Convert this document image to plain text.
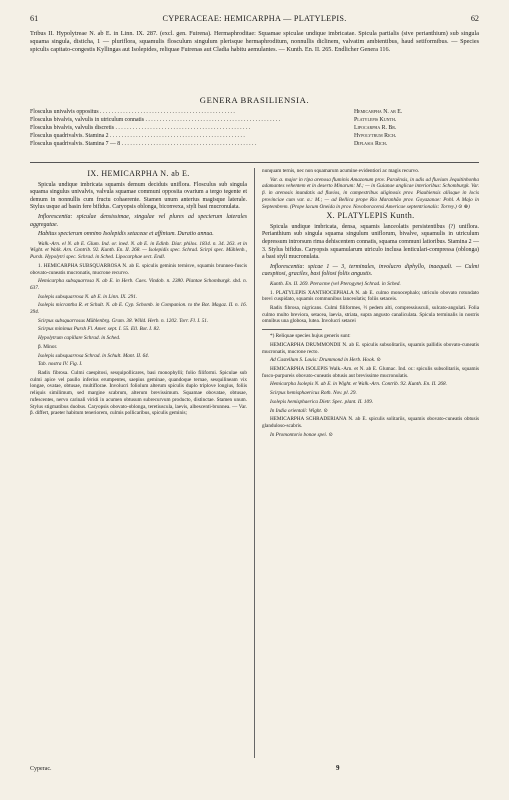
61	CYPERACEAE: HEMICARPHA — PLATYLEPIS.	62
Tribus II. Hypolytreae N. ab E. in Linn. IX. 287. (excl. gen. Fuirena). Hermaphroditae: Squamae spiculae undique imbricatae. Spicula partialis (sive perianthium) sub singula squama singula, disticha, 1 — pluriflora, squamulis flosculum singulum plerisque hermaphroditum, nonnullis diclinem, valvatim ambientibus, haud setiformibus. — Species spiculis capitato-congestis Kyllingas aut Isolepides, reliquae Fuirenas aut Cladia habitu aemulantes. — Kunth. En. II. 265. Endlicher Genera 116.
GENERA BRASILIENSIA.
Flosculus univalvis oppositus . . .	Hemicarpha N. ab E.
Flosculus bivalvis, valvulis in utriculum connatis . . .	Platylepis Kunth.
Flosculus bivalvis, valvulis discretis . . .	Lipocarpha R. Br.
Flosculus quadrivalvis. Stamina 2 . . .	Hypolytrum Rich.
Flosculus quadrivalvis. Stamina 7 — 8 . . .	Diplasia Rich.
IX. HEMICARPHA N. ab E.

Spicula undique imbricata squamis demum deciduis uniflora. Flosculus sub singula squama singulus univalvis, valvula squamae communi opposita ovarium a tergo tegente et demum in nonnullis cum fructu cohaerente. Stamen unum anterius magisque laterale. Stylus usque ad basin fere bifidus. Caryopsis oblonga, biconvexa, styli basi mucronulata.

Inflorescentia: spiculae densissimae, singulae vel plures ad specierum laterales aggregatae.

Habitus specierum omnino Isolepidis setaceae et affinium. Duratio annua.

Walk.-Arn. el N. ab E. Glum. Ind. or. ined. N. ab E. in Edinb. Diar. philos. 1834. n. 34. 263. et in Wight. et Walk. Arn. Contrib. 92. Kunth. En. II. 268. — Isolepidis spec. Schrad. Scirpi spec. Mühlenb., Pursh. Hypolytri spec. Schrad. in Sched. Lipocarphae sect. Endl.

1. HEMICARPHA SUBSQUARROSA N. ab E. spiculis geminis ternisve, squamis brunneo-fuscis obovato-cuneatis mucronatis, mucrone recurvo.

Hemicarpha subsquarrosa N. ab E. in Herb. Caes. Vindob. n. 2380. Plantae Schomburgk. sbd. n. 637.

Isolepis subsquarrosa N. ab E. in Linn. IX. 291.

Isolepis micrantha R. et Schult. N. ab E. Cyp. Schomb. in Companion. to the Bot. Magaz. II. n. 16. 394.

Scirpus subsquarrosus Mühlenbrg. Gram. 38. Willd. Herb. n. 1202. Torr. Fl. I. 51.

Scirpus minimus Pursh Fl. Amer. sept. I. 55. Ell. Bot. I. 82.

Hypolytrum capillare Schrad. in Sched.

β. Minor.

Isolepis subsquarrosa Schrad. in Schult. Mant. II. 64.

Tab. nostra IV. Fig. I.

Radix fibrosa. Culmi caespitosi, sesquipollicares, basi monophylli; folio filiformi. Spiculae sub culmi apice vel paullo inferius erumpentes, saepius geminae, quandoque ternae, sesquilineam vix longae, ovatae, obtusae, multiflorae. Involucri foliolum alterum spiculis duplo triplove longius, foliis reliquis similimum, sed margine scabrum, alterum brevissimum. Squamae obovatae, obtusae, rufescentes, nervo carinali viridi in acumen obtusum subrecurvum producto, distinctae. Stamen unum. Stylus stigmatibus duobus. Caryopsis obovato-oblonga, teretiuscula, laevis, albescenti-brunnea. — Var. β. differt, praeter habitum teneriorem, culmis pollicaribus, spiculis geminis;

nunquam ternis, nec non squamarum acumine evidentiori ac magis recurvo.

Var. α. major in ripa arenosa fluminis Amazonum prov. Paraënsis, in udis ad fluvium Jequitinhonha adamantes vehentem et in deserto Minarum: M.; — in Guianae anglicae interioribus: Schomburgk. Var. β. in arenosis inundatis ad fluvios, in campestribus uliginosis prov. Piauhiensis aliisque in locis provinciae cum var. α.: M.; — ad Bellica prope Rio Maranhão prov. Goyazanae: Pohl. A Majo in Septembrem. (Prope lacum Oneida in prov. Novoboracensi Americae septentrionalis: Torrey.) ⊙ ⊕)

X. PLATYLEPIS Kunth.

Spicula undique imbricata, densa, squamis lanceolatis persistentibus (?) uniflora. Perianthium sub singula squama singulum uniflorum, bivalve, squamulis in utriculum depressum introrsum rima dehiscentem connatis, squama communi latioribus. Stamina 2 — 3. Stylus bifidus. Caryopsis squamularum utriculo inclusa lenticulari-compressa (oblonga) a basi styli mucronulata.

Inflorescentia: spicae 1 — 3, terminales, involucro diphyllo, inaequali. — Culmi caespitosi, graciles, basi foliosi foliis angustis.

Kunth. En. II. 269. Pteracme (vel Pterogyne) Schrad. in Sched.

1. PLATYLEPIS XANTHOCEPHALA N. ab E. culmo monocephalo; utriculo obovato rotundato brevi cuspidato, squamis communibus lanceolatis; foliis setaceis.

Radix fibrosa, nigricans. Culmi filiformes, ½ pedem alti, compressiusculi, sulcato-angulati. Folia culmo multo breviora, setacea, laevia, striata, supra angusto canaliculata. Spicula terminalis in nostris omnibus una globosa, lutea. Involucri setacei

*) Reliquae species hujus generis sunt:

HEMICARPHA DRUMMONDII N. ab E. spiculis subsolitariis, squamis pallidis obovato-cuneatis mucronatis, mucrone recto.

Ad Castellum S. Louis: Drummond in Herb. Hook. ⊙

HEMICARPHA ISOLEPIS Walk.-Arn. et N. ab E. Glumac. Ind. or.: spiculis subsolitariis, squamis fusco-purpureis obovato-cuneatis obtusis aut brevissime mucronulatis.

Hemicarpha Isolepis N. ab E. in Wight. et Walk.-Arn. Contrib. 92. Kunth. En. II. 268.

Scirpus hemisphaericus Roth. Nov. pl. 29.

Isolepis hemisphaerica Dietr. Spec. plant. II. 109.

In India orientali: Wight. ⊙

HEMICARPHA SCHRADERIANA N. ab E. spiculis solitariis, squamis obovato-cuneatis obtusis glanduloso-scabris.

In Promontorio bonae spei. ⊙

Cyperac.	9
